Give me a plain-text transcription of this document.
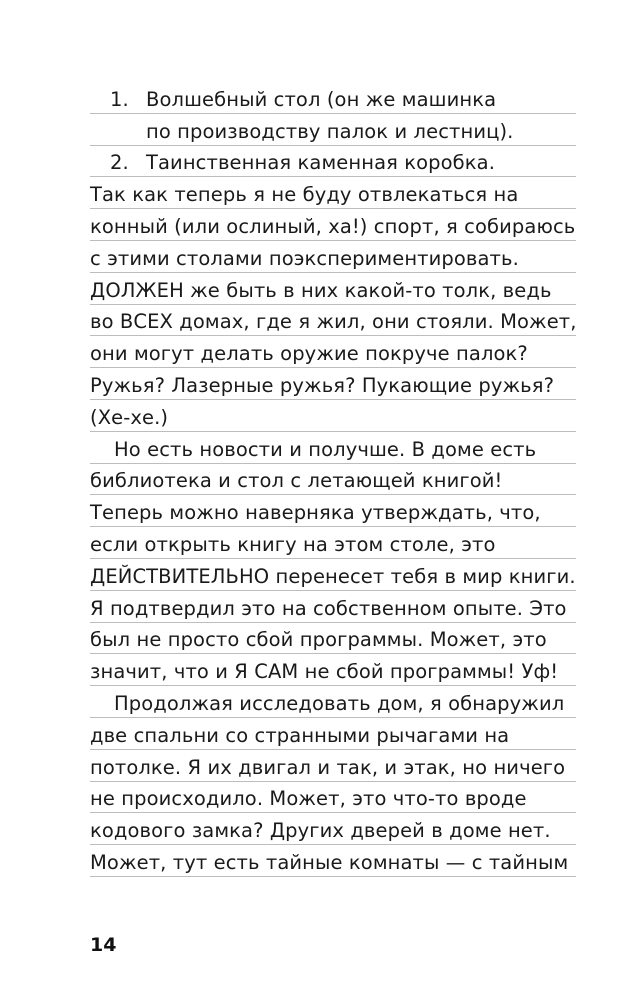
1. Волшебный стол (он же машинка
по производству палок и лестниц).
2. Таинственная каменная коробка.
Так как теперь я не буду отвлекаться на
конный (или ослиный, ха!) спорт, я собираюсь
с этими столами поэкспериментировать.
ДОЛЖЕН же быть в них какой-то толк, ведь
во ВСЕХ домах, где я жил, они стояли. Может,
они могут делать оружие покруче палок?
Ружья? Лазерные ружья? Пукающие ружья?
(Хе-хе.)
Но есть новости и получше. В доме есть
библиотека и стол с летающей книгой!
Теперь можно наверняка утверждать, что,
если открыть книгу на этом столе, это
ДЕЙСТВИТЕЛЬНО перенесет тебя в мир книги.
Я подтвердил это на собственном опыте. Это
был не просто сбой программы. Может, это
значит, что и Я САМ не сбой программы! Уф!
Продолжая исследовать дом, я обнаружил
две спальни со странными рычагами на
потолке. Я их двигал и так, и этак, но ничего
не происходило. Может, это что-то вроде
кодового замка? Других дверей в доме нет.
Может, тут есть тайные комнаты — с тайным
14
